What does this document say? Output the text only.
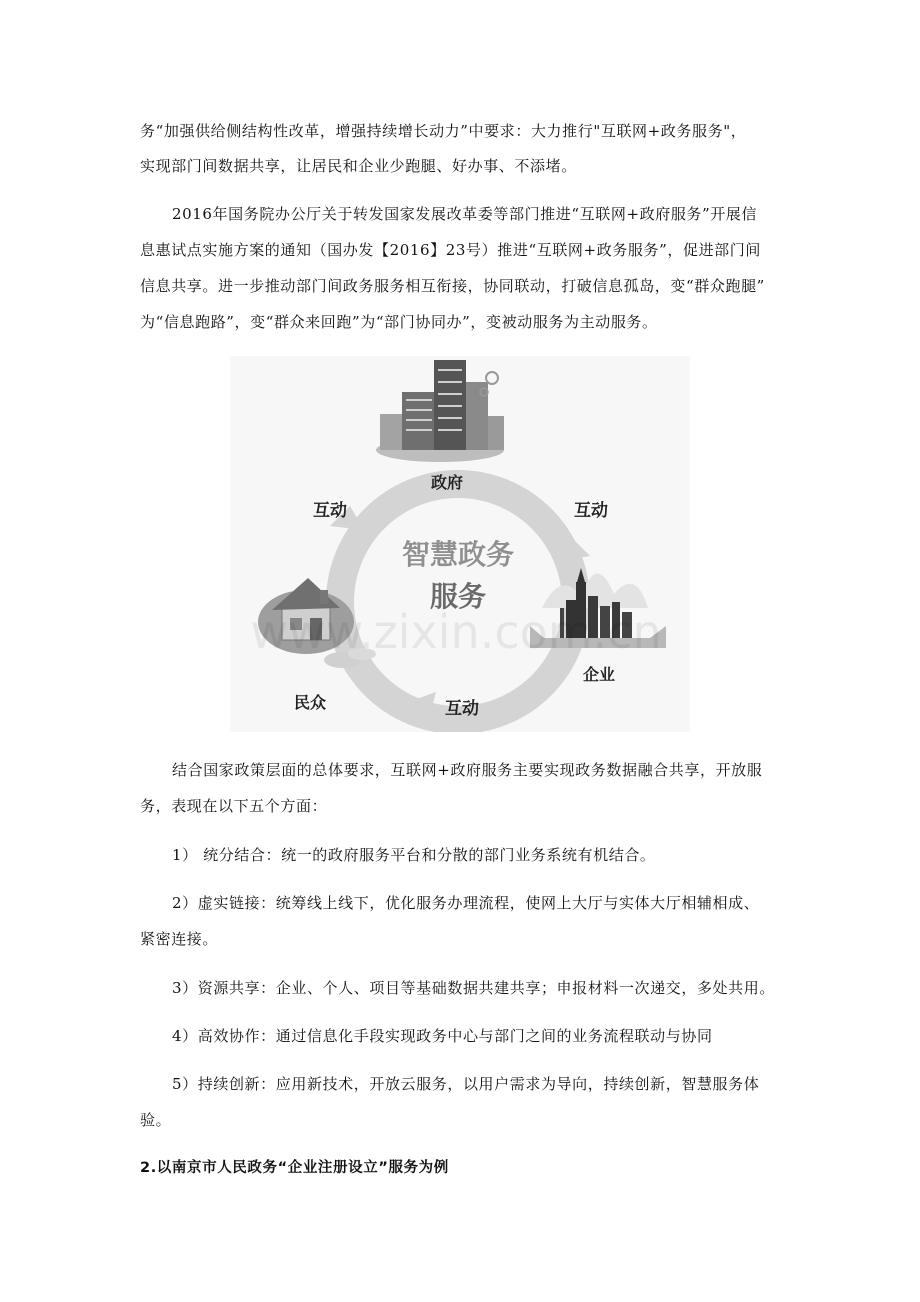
务“加强供给侧结构性改革，增强持续增长动力”中要求：大力推行"互联网+政务服务"，
实现部门间数据共享，让居民和企业少跑腿、好办事、不添堵。
2016年国务院办公厅关于转发国家发展改革委等部门推进“互联网+政府服务”开展信
息惠试点实施方案的通知（国办发【2016】23号）推进“互联网+政务服务”，促进部门间
信息共享。进一步推动部门间政务服务相互衔接，协同联动，打破信息孤岛，变“群众跑腿”
为“信息跑路”，变“群众来回跑”为“部门协同办”，变被动服务为主动服务。
智慧政务
服务
政府
企业
民众
互动	互动
互动
www.zixin.com.cn
结合国家政策层面的总体要求，互联网+政府服务主要实现政务数据融合共享，开放服
务，表现在以下五个方面：
1） 统分结合：统一的政府服务平台和分散的部门业务系统有机结合。
2）虚实链接：统筹线上线下，优化服务办理流程，使网上大厅与实体大厅相辅相成、
紧密连接。
3）资源共享：企业、个人、项目等基础数据共建共享；申报材料一次递交，多处共用。
4）高效协作：通过信息化手段实现政务中心与部门之间的业务流程联动与协同
5）持续创新：应用新技术，开放云服务，以用户需求为导向，持续创新，智慧服务体
验。
2.以南京市人民政务“企业注册设立”服务为例
